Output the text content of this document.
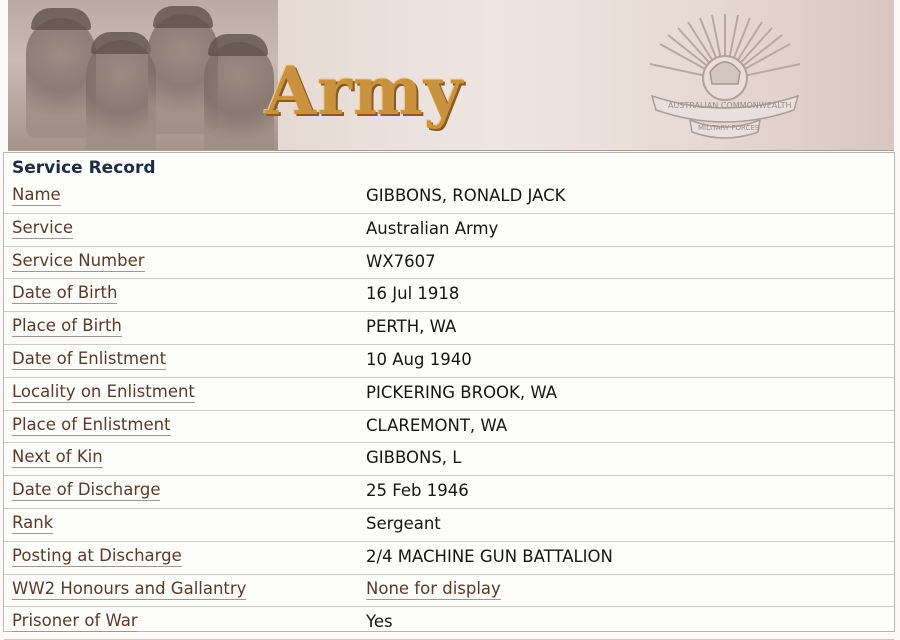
Army	AUSTRALIAN COMMONWEALTH
MILITARY FORCES
Service Record
Name	GIBBONS, RONALD JACK
Service	Australian Army
Service Number	WX7607
Date of Birth	16 Jul 1918
Place of Birth	PERTH, WA
Date of Enlistment	10 Aug 1940
Locality on Enlistment	PICKERING BROOK, WA
Place of Enlistment	CLAREMONT, WA
Next of Kin	GIBBONS, L
Date of Discharge	25 Feb 1946
Rank	Sergeant
Posting at Discharge	2/4 MACHINE GUN BATTALION
WW2 Honours and Gallantry	None for display
Prisoner of War	Yes
